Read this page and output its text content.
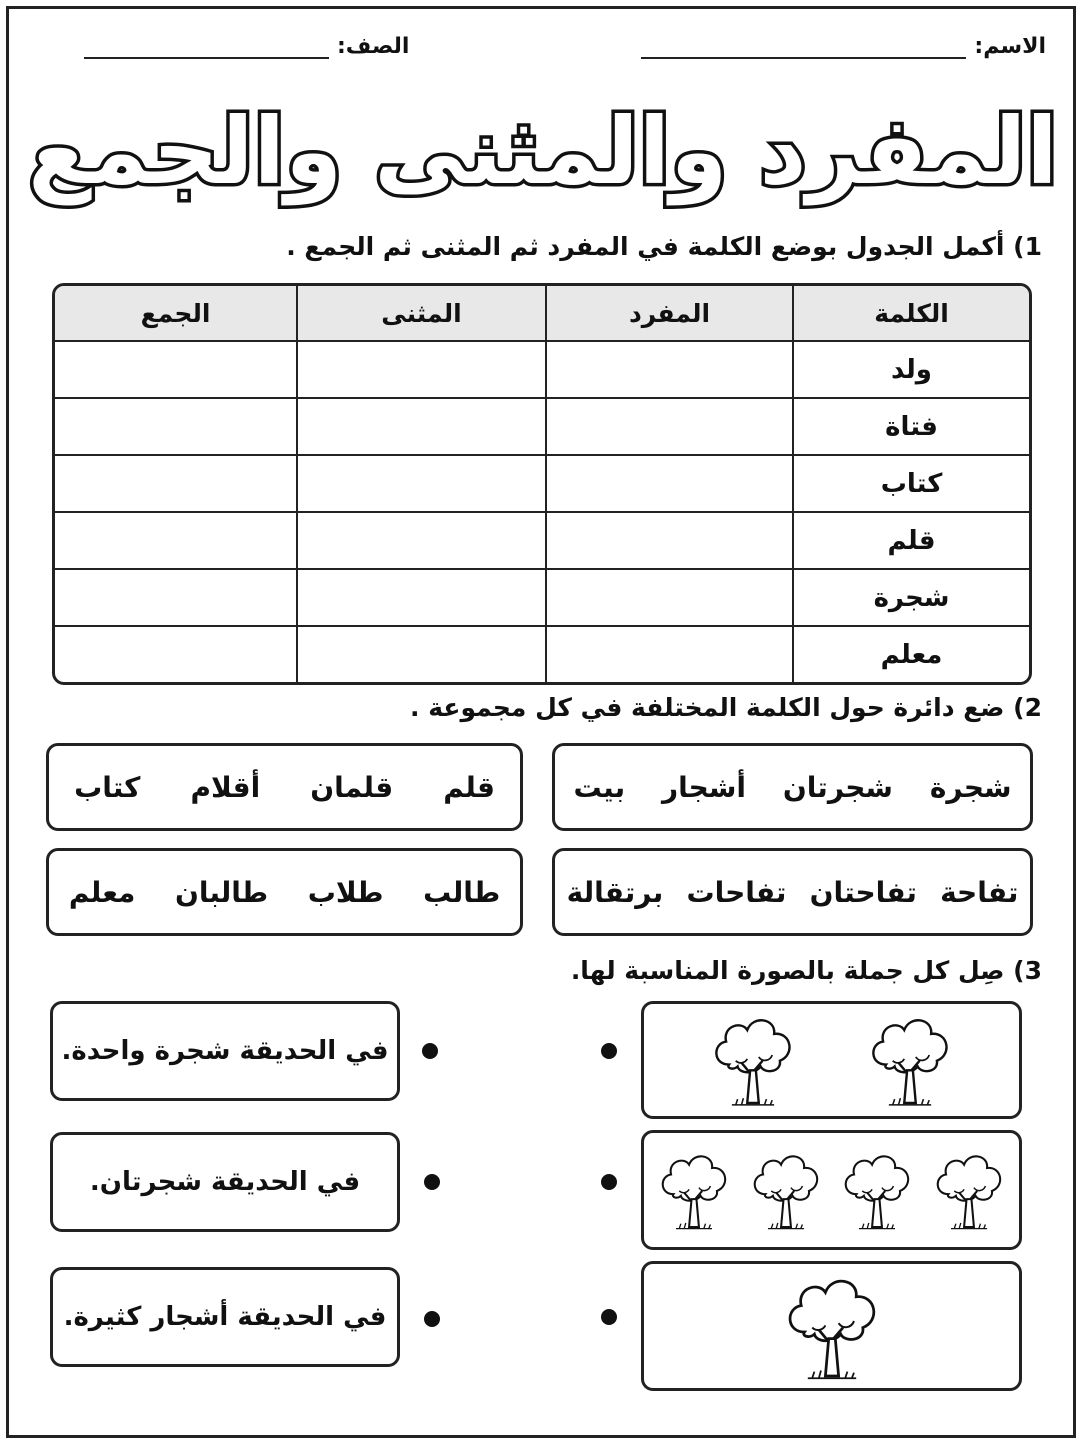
الاسم:
الصف:
المفرد والمثنى والجمع
1) أكمل الجدول بوضع الكلمة في المفرد ثم المثنى ثم الجمع .
الكلمة	المفرد	المثنى	الجمع
ولد			
فتاة			
كتاب			
قلم			
شجرة			
معلم			
2) ضع دائرة حول الكلمة المختلفة في كل مجموعة .
شجرة
شجرتان
أشجار
بيت
قلم
قلمان
أقلام
كتاب
تفاحة
تفاحتان
تفاحات
برتقالة
طالب
طلاب
طالبان
معلم
3) صِل كل جملة بالصورة المناسبة لها.
في الحديقة شجرة واحدة.
في الحديقة شجرتان.
في الحديقة أشجار كثيرة.
